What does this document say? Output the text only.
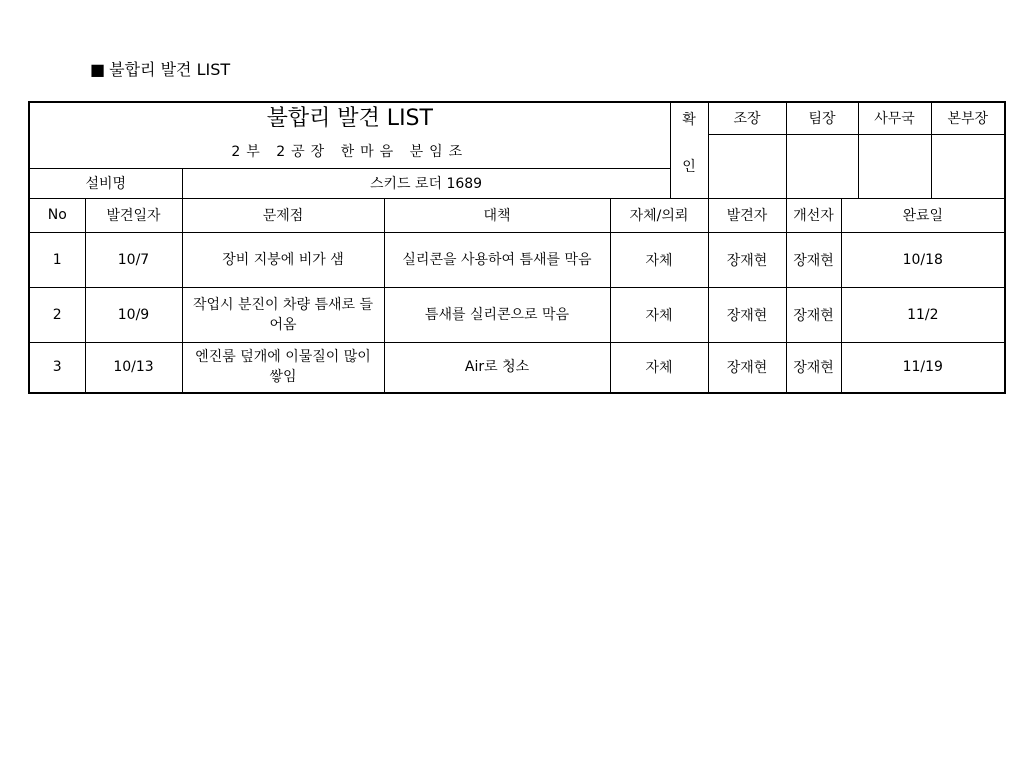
■ 불합리 발견 LIST
불합리 발견 LIST					확	조장	팀장		사무국	본부장
2부 2공장 한마음 분임조					인					
설비명		스키드 로더 1689								
No	발견일자	문제점	대책	자체/의뢰		발견자	개선자	완료일		
1	10/7	장비 지붕에 비가 샘	실리콘을 사용하여 틈새를 막음	자체		장재현	장재현	10/18		
2	10/9	작업시 분진이 차량 틈새로 들어옴	틈새를 실리콘으로 막음	자체		장재현	장재현	11/2		
3	10/13	엔진룸 덮개에 이물질이 많이 쌓임	Air로 청소	자체		장재현	장재현	11/19		
